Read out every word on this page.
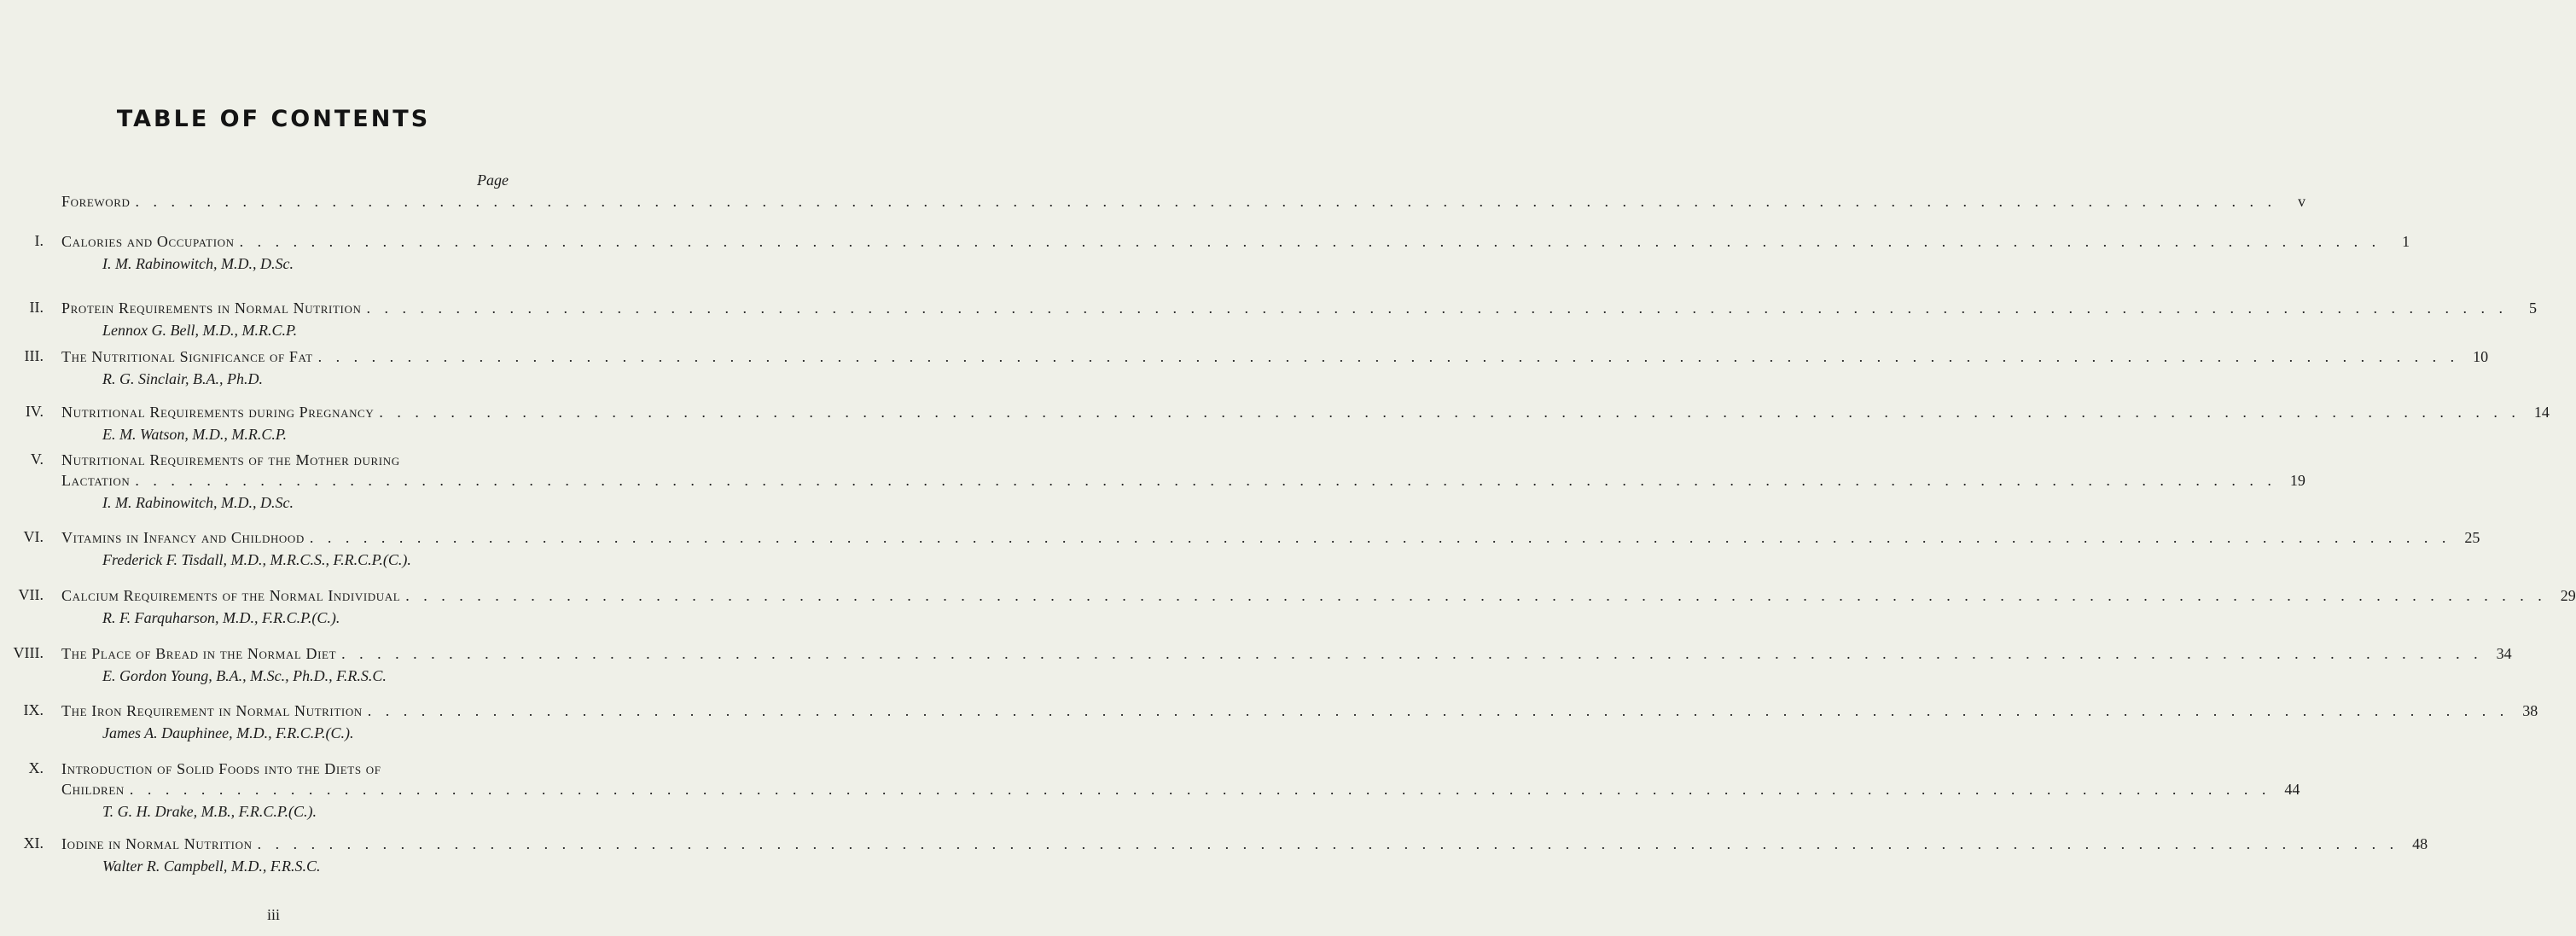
TABLE OF CONTENTS
Page
Foreword . . . . . . . . . . . . . . . . . . . . . . . . . . . . . . . . . . . . . . . . . . . . . . . . . . . . . . . . . . . . . . . . . . . . . . . . . . . . . . . . . . . . . . . . . . . . . . . . . . . . . . . . . . . . . . . . . . . . . . . .	v
I. Calories and Occupation . . . . . . . . . . . . . . . . . . . . . . . . . . . . . . . . . . . . . . . . . . . . . . . . . . . . . . . . . . . . . . . . . . . . . . . . . . . . . . . . . . . . . . . . . . . . . . . . . . . . . . . . . . . . . . . . . . . . . . . .	1
I. M. Rabinowitch, M.D., D.Sc.
II. Protein Requirements in Normal Nutrition . . . . . . . . . . . . . . . . . . . . . . . . . . . . . . . . . . . . . . . . . . . . . . . . . . . . . . . . . . . . . . . . . . . . . . . . . . . . . . . . . . . . . . . . . . . . . . . . . . . . . . . . . . . . . . . . . . . . . . . .	5
Lennox G. Bell, M.D., M.R.C.P.
III. The Nutritional Significance of Fat . . . . . . . . . . . . . . . . . . . . . . . . . . . . . . . . . . . . . . . . . . . . . . . . . . . . . . . . . . . . . . . . . . . . . . . . . . . . . . . . . . . . . . . . . . . . . . . . . . . . . . . . . . . . . . . . . . . . . . . . 10
R. G. Sinclair, B.A., Ph.D.
IV. Nutritional Requirements during Pregnancy . . . . . . . . . . . . . . . . . . . . . . . . . . . . . . . . . . . . . . . . . . . . . . . . . . . . . . . . . . . . . . . . . . . . . . . . . . . . . . . . . . . . . . . . . . . . . . . . . . . . . . . . . . . . . . . . . . . . . . . . 14
E. M. Watson, M.D., M.R.C.P.
V. Nutritional Requirements of the Mother during
Lactation . . . . . . . . . . . . . . . . . . . . . . . . . . . . . . . . . . . . . . . . . . . . . . . . . . . . . . . . . . . . . . . . . . . . . . . . . . . . . . . . . . . . . . . . . . . . . . . . . . . . . . . . . . . . . . . . . . . . . . . . 19
I. M. Rabinowitch, M.D., D.Sc.
VI. Vitamins in Infancy and Childhood . . . . . . . . . . . . . . . . . . . . . . . . . . . . . . . . . . . . . . . . . . . . . . . . . . . . . . . . . . . . . . . . . . . . . . . . . . . . . . . . . . . . . . . . . . . . . . . . . . . . . . . . . . . . . . . . . . . . . . . . 25
Frederick F. Tisdall, M.D., M.R.C.S., F.R.C.P.(C.).
VII. Calcium Requirements of the Normal Individual . . . . . . . . . . . . . . . . . . . . . . . . . . . . . . . . . . . . . . . . . . . . . . . . . . . . . . . . . . . . . . . . . . . . . . . . . . . . . . . . . . . . . . . . . . . . . . . . . . . . . . . . . . . . . . . . . . . . . . . . 29
R. F. Farquharson, M.D., F.R.C.P.(C.).
VIII. The Place of Bread in the Normal Diet . . . . . . . . . . . . . . . . . . . . . . . . . . . . . . . . . . . . . . . . . . . . . . . . . . . . . . . . . . . . . . . . . . . . . . . . . . . . . . . . . . . . . . . . . . . . . . . . . . . . . . . . . . . . . . . . . . . . . . . . 34
E. Gordon Young, B.A., M.Sc., Ph.D., F.R.S.C.
IX. The Iron Requirement in Normal Nutrition . . . . . . . . . . . . . . . . . . . . . . . . . . . . . . . . . . . . . . . . . . . . . . . . . . . . . . . . . . . . . . . . . . . . . . . . . . . . . . . . . . . . . . . . . . . . . . . . . . . . . . . . . . . . . . . . . . . . . . . . 38
James A. Dauphinee, M.D., F.R.C.P.(C.).
X. Introduction of Solid Foods into the Diets of
Children . . . . . . . . . . . . . . . . . . . . . . . . . . . . . . . . . . . . . . . . . . . . . . . . . . . . . . . . . . . . . . . . . . . . . . . . . . . . . . . . . . . . . . . . . . . . . . . . . . . . . . . . . . . . . . . . . . . . . . . . 44
T. G. H. Drake, M.B., F.R.C.P.(C.).
XI. Iodine in Normal Nutrition . . . . . . . . . . . . . . . . . . . . . . . . . . . . . . . . . . . . . . . . . . . . . . . . . . . . . . . . . . . . . . . . . . . . . . . . . . . . . . . . . . . . . . . . . . . . . . . . . . . . . . . . . . . . . . . . . . . . . . . . 48
Walter R. Campbell, M.D., F.R.S.C.
iii
